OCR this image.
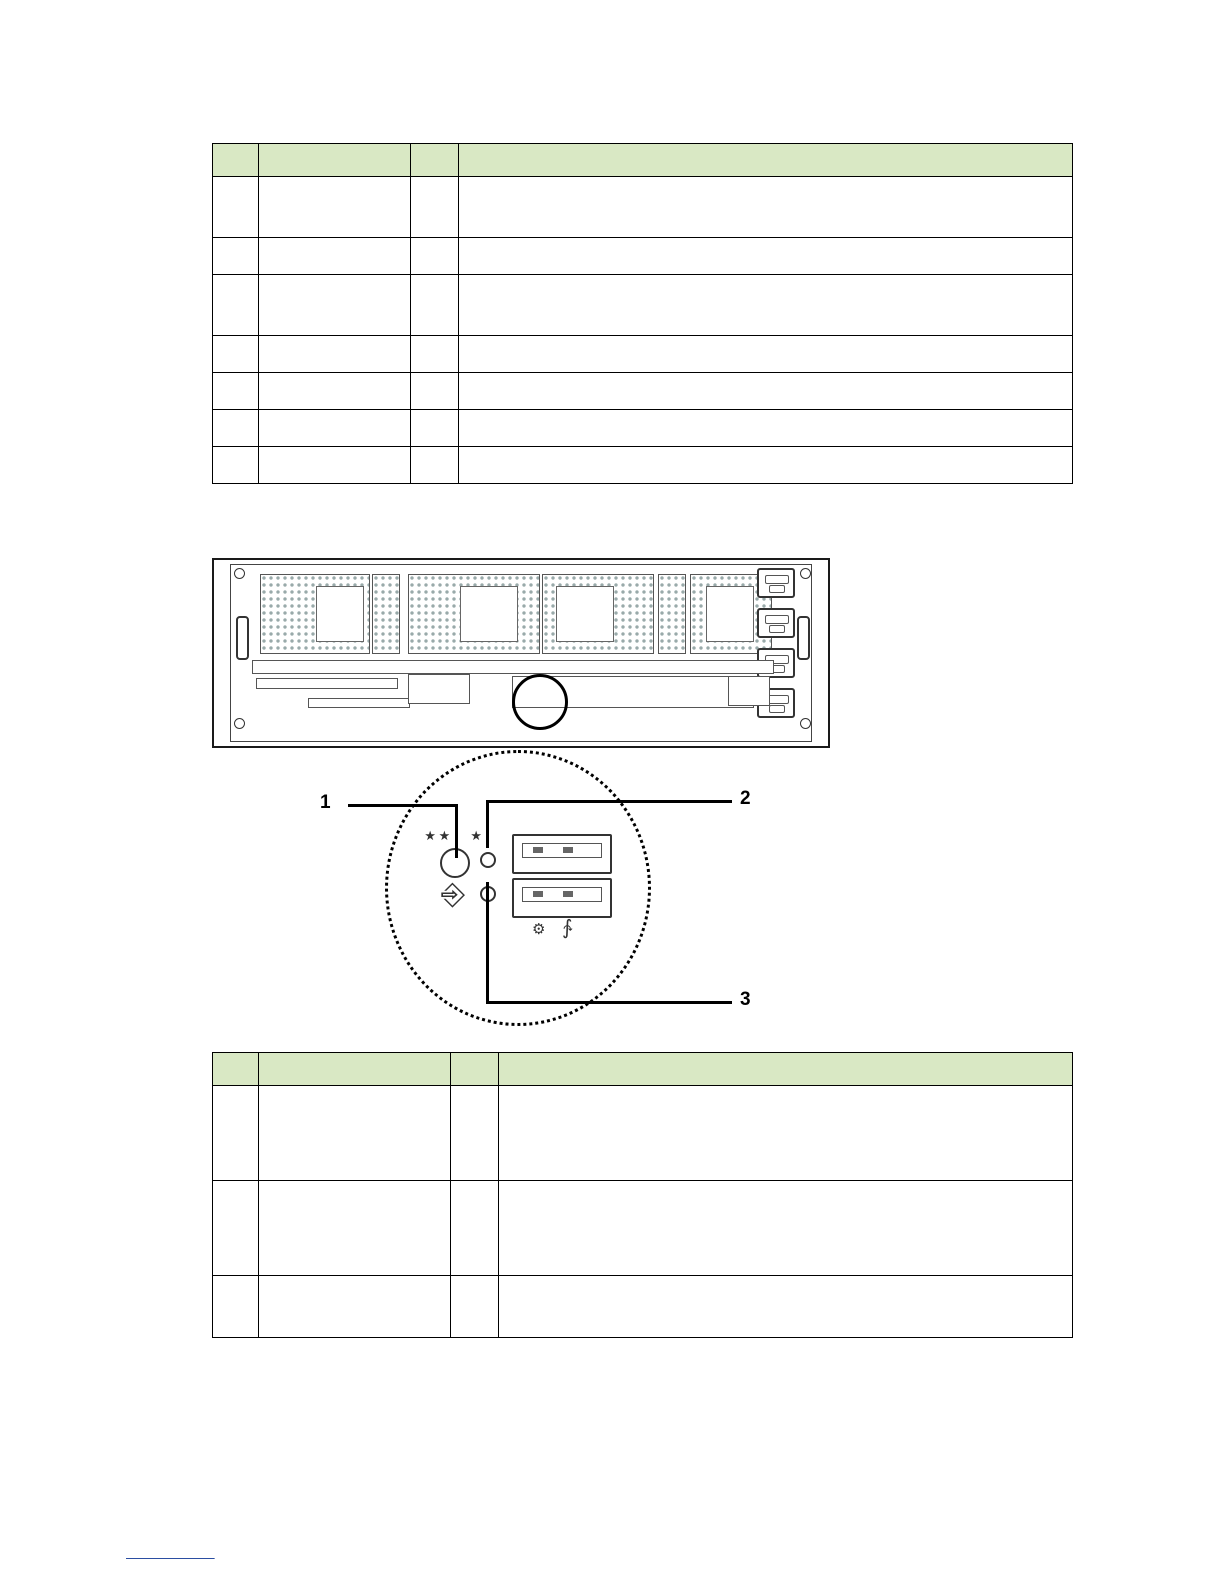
⋆⋆ ⋆
⎆
⚙ ∱
1	2
3
